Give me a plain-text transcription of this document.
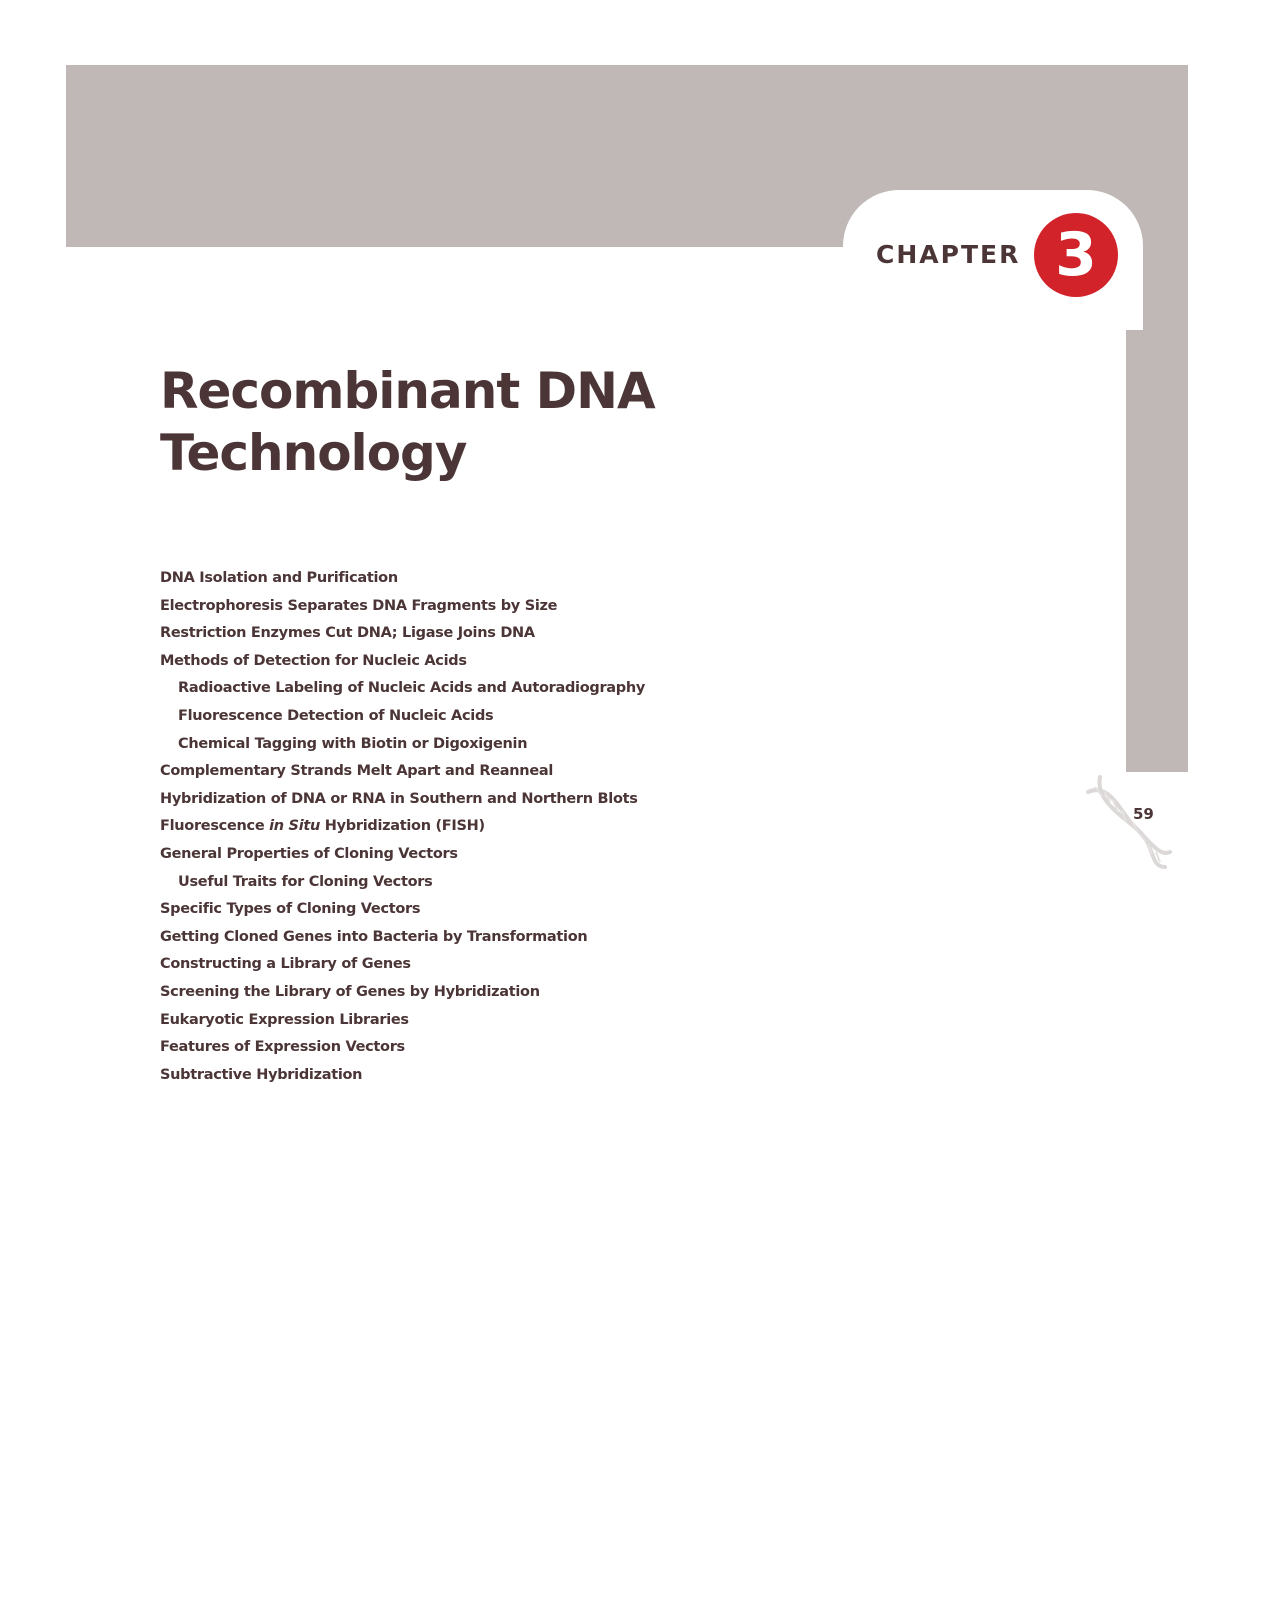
CHAPTER 3
Recombinant DNA
Technology
DNA Isolation and Purification
Electrophoresis Separates DNA Fragments by Size
Restriction Enzymes Cut DNA; Ligase Joins DNA
Methods of Detection for Nucleic Acids
Radioactive Labeling of Nucleic Acids and Autoradiography
Fluorescence Detection of Nucleic Acids
Chemical Tagging with Biotin or Digoxigenin
Complementary Strands Melt Apart and Reanneal
Hybridization of DNA or RNA in Southern and Northern Blots
Fluorescence in Situ Hybridization (FISH)
General Properties of Cloning Vectors
Useful Traits for Cloning Vectors
Specific Types of Cloning Vectors
Getting Cloned Genes into Bacteria by Transformation
Constructing a Library of Genes
Screening the Library of Genes by Hybridization
Eukaryotic Expression Libraries
Features of Expression Vectors
Subtractive Hybridization
59
